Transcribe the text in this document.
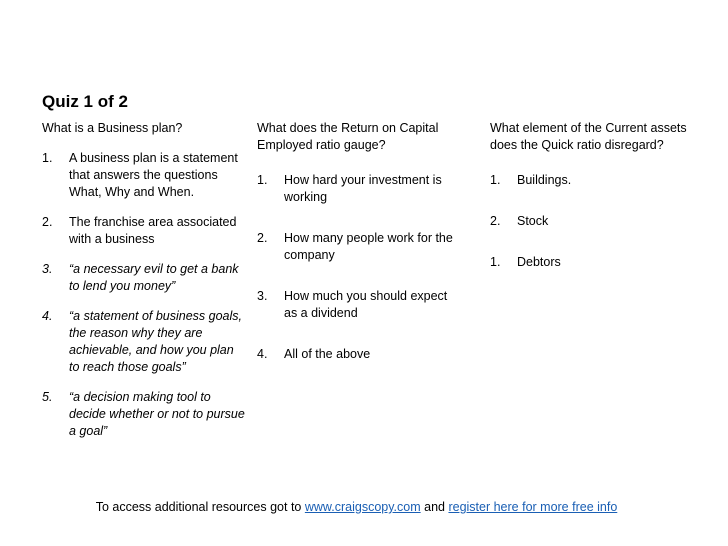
Quiz 1 of 2
What is a Business plan?
1.	A business plan is a statement that answers the questions What, Why and When.
2.	The franchise area associated with a business
3.	“a necessary evil to get a bank to lend you money”
4.	“a statement of business goals, the reason why they are achievable, and how you plan to reach those goals”
5.	“a decision making tool to decide whether or not to pursue a goal”
What does the Return on Capital Employed ratio gauge?
1.	How hard your investment is working
2.	How many people work for the company
3.	How much you should expect as a dividend
4.	All of the above
What element of the Current assets does the Quick ratio disregard?
1.	Buildings.
2.	Stock
1.	Debtors
To access additional resources got to www.craigscopy.com and register here for more free info
